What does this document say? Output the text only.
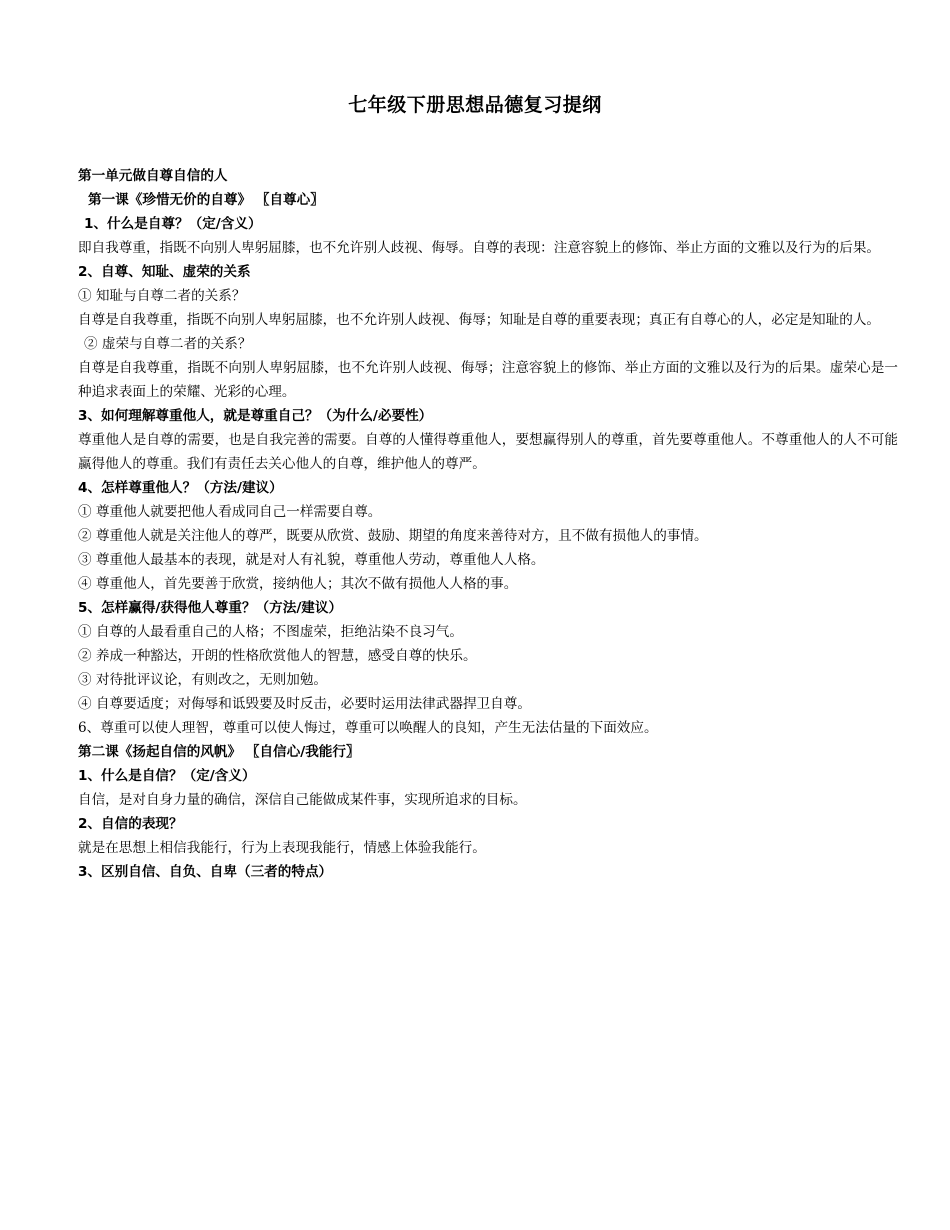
七年级下册思想品德复习提纲
第一单元做自尊自信的人
第一课《珍惜无价的自尊》 〖自尊心〗
1、什么是自尊？（定/含义）
即自我尊重，指既不向别人卑躬屈膝，也不允许别人歧视、侮辱。自尊的表现：注意容貌上的修饰、举止方面的文雅以及行为的后果。
2、自尊、知耻、虚荣的关系
① 知耻与自尊二者的关系？
自尊是自我尊重，指既不向别人卑躬屈膝，也不允许别人歧视、侮辱；知耻是自尊的重要表现；真正有自尊心的人，必定是知耻的人。
② 虚荣与自尊二者的关系？
自尊是自我尊重，指既不向别人卑躬屈膝，也不允许别人歧视、侮辱；注意容貌上的修饰、举止方面的文雅以及行为的后果。虚荣心是一种追求表面上的荣耀、光彩的心理。
3、如何理解尊重他人，就是尊重自己？（为什么/必要性）
尊重他人是自尊的需要，也是自我完善的需要。自尊的人懂得尊重他人，要想赢得别人的尊重，首先要尊重他人。不尊重他人的人不可能赢得他人的尊重。我们有责任去关心他人的自尊，维护他人的尊严。
4、怎样尊重他人？（方法/建议）
① 尊重他人就要把他人看成同自己一样需要自尊。
② 尊重他人就是关注他人的尊严，既要从欣赏、鼓励、期望的角度来善待对方，且不做有损他人的事情。
③ 尊重他人最基本的表现，就是对人有礼貌，尊重他人劳动，尊重他人人格。
④ 尊重他人，首先要善于欣赏，接纳他人；其次不做有损他人人格的事。
5、怎样赢得/获得他人尊重？（方法/建议）
① 自尊的人最看重自己的人格；不图虚荣，拒绝沾染不良习气。
② 养成一种豁达，开朗的性格欣赏他人的智慧，感受自尊的快乐。
③ 对待批评议论，有则改之，无则加勉。
④ 自尊要适度；对侮辱和诋毁要及时反击，必要时运用法律武器捍卫自尊。
6、尊重可以使人理智，尊重可以使人悔过，尊重可以唤醒人的良知，产生无法估量的下面效应。
第二课《扬起自信的风帆》 〖自信心/我能行〗
1、什么是自信？（定/含义）
自信，是对自身力量的确信，深信自己能做成某件事，实现所追求的目标。
2、自信的表现？
就是在思想上相信我能行，行为上表现我能行，情感上体验我能行。
3、区别自信、自负、自卑（三者的特点）
